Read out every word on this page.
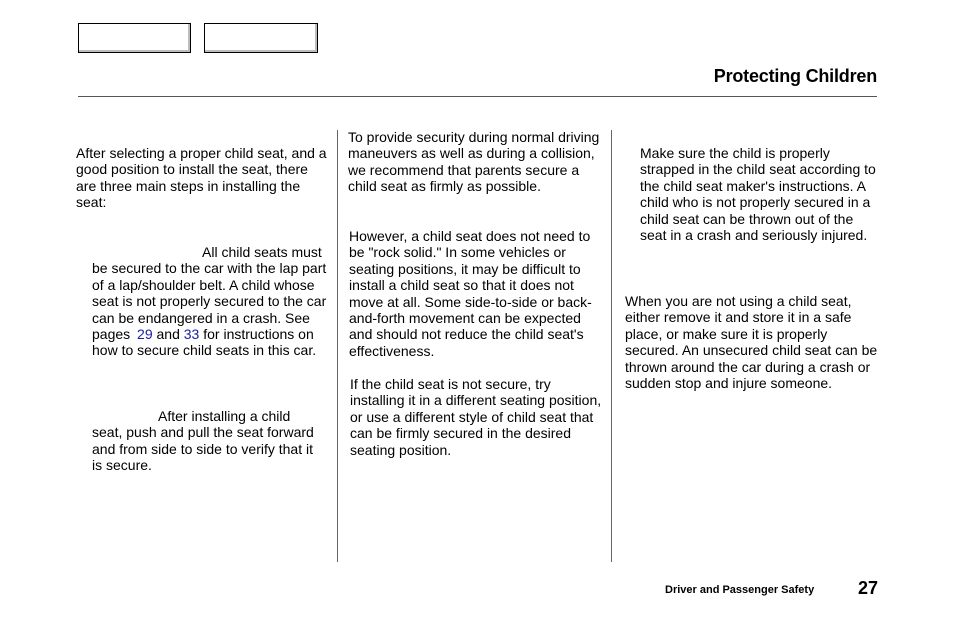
Protecting Children

After selecting a proper child seat, and a good position to install the seat, there are three main steps in installing the seat:

All child seats must be secured to the car with the lap part of a lap/shoulder belt. A child whose seat is not properly secured to the car can be endangered in a crash. See pages 29 and 33 for instructions on how to secure child seats in this car.

After installing a child seat, push and pull the seat forward and from side to side to verify that it is secure.

To provide security during normal driving maneuvers as well as during a collision, we recommend that parents secure a child seat as firmly as possible.

However, a child seat does not need to be "rock solid." In some vehicles or seating positions, it may be difficult to install a child seat so that it does not move at all. Some side-to-side or back-and-forth movement can be expected and should not reduce the child seat's effectiveness.

If the child seat is not secure, try installing it in a different seating position, or use a different style of child seat that can be firmly secured in the desired seating position.

Make sure the child is properly strapped in the child seat according to the child seat maker's instructions. A child who is not properly secured in a child seat can be thrown out of the seat in a crash and seriously injured.

When you are not using a child seat, either remove it and store it in a safe place, or make sure it is properly secured. An unsecured child seat can be thrown around the car during a crash or sudden stop and injure someone.

Driver and Passenger Safety 27
